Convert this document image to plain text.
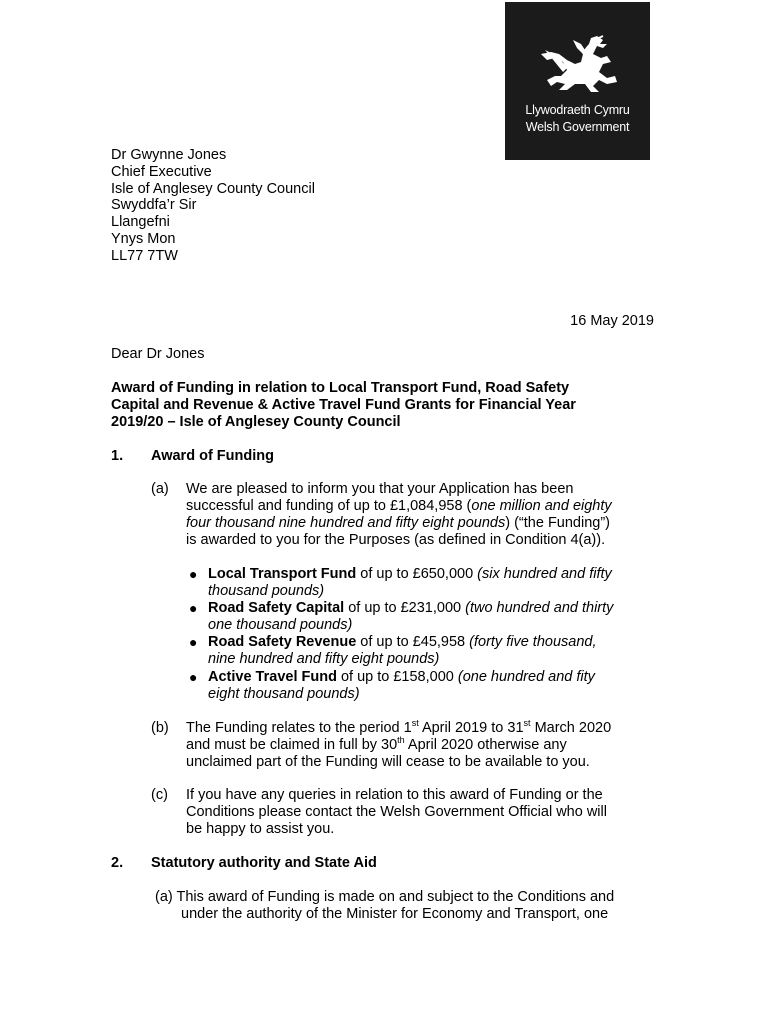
Llywodraeth Cymru
Welsh Government
Dr Gwynne Jones
Chief Executive
Isle of Anglesey County Council
Swyddfa’r Sir
Llangefni
Ynys Mon
LL77 7TW
16 May 2019
Dear Dr Jones
Award of Funding in relation to Local Transport Fund, Road Safety
Capital and Revenue & Active Travel Fund Grants for Financial Year
2019/20 – Isle of Anglesey County Council
1. Award of Funding
(a) We are pleased to inform you that your Application has been
successful and funding of up to £1,084,958 (one million and eighty
four thousand nine hundred and fifty eight pounds) (“the Funding”)
is awarded to you for the Purposes (as defined in Condition 4(a)).
● Local Transport Fund of up to £650,000 (six hundred and fifty
thousand pounds)
● Road Safety Capital of up to £231,000 (two hundred and thirty
one thousand pounds)
● Road Safety Revenue of up to £45,958 (forty five thousand,
nine hundred and fifty eight pounds)
● Active Travel Fund of up to £158,000 (one hundred and fity
eight thousand pounds)
(b) The Funding relates to the period 1st April 2019 to 31st March 2020
and must be claimed in full by 30th April 2020 otherwise any
unclaimed part of the Funding will cease to be available to you.
(c) If you have any queries in relation to this award of Funding or the
Conditions please contact the Welsh Government Official who will
be happy to assist you.
2. Statutory authority and State Aid
(a) This award of Funding is made on and subject to the Conditions and
under the authority of the Minister for Economy and Transport, one
